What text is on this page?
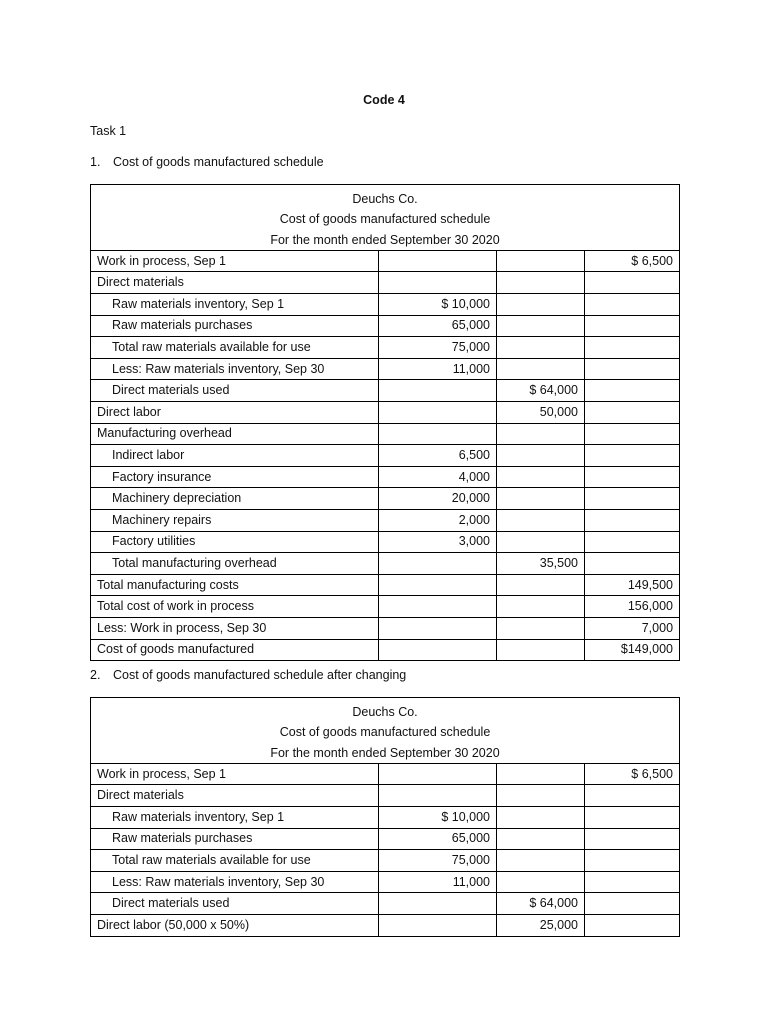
Code 4
Task 1
1. Cost of goods manufactured schedule
Deuchs Co.
Cost of goods manufactured schedule
For the month ended September 30 2020			

Work in process, Sep 1			$ 6,500
Direct materials			
Raw materials inventory, Sep 1	$ 10,000		
Raw materials purchases	65,000		
Total raw materials available for use	75,000		
Less: Raw materials inventory, Sep 30	11,000		
Direct materials used		$ 64,000	
Direct labor		50,000	
Manufacturing overhead			
Indirect labor	6,500		
Factory insurance	4,000		
Machinery depreciation	20,000		
Machinery repairs	2,000		
Factory utilities	3,000		
Total manufacturing overhead		35,500	
Total manufacturing costs			149,500
Total cost of work in process			156,000
Less: Work in process, Sep 30			7,000
Cost of goods manufactured			$149,000
2. Cost of goods manufactured schedule after changing
Deuchs Co.
Cost of goods manufactured schedule
For the month ended September 30 2020			

Work in process, Sep 1			$ 6,500
Direct materials			
Raw materials inventory, Sep 1	$ 10,000		
Raw materials purchases	65,000		
Total raw materials available for use	75,000		
Less: Raw materials inventory, Sep 30	11,000		
Direct materials used		$ 64,000	
Direct labor (50,000 x 50%)		25,000	
